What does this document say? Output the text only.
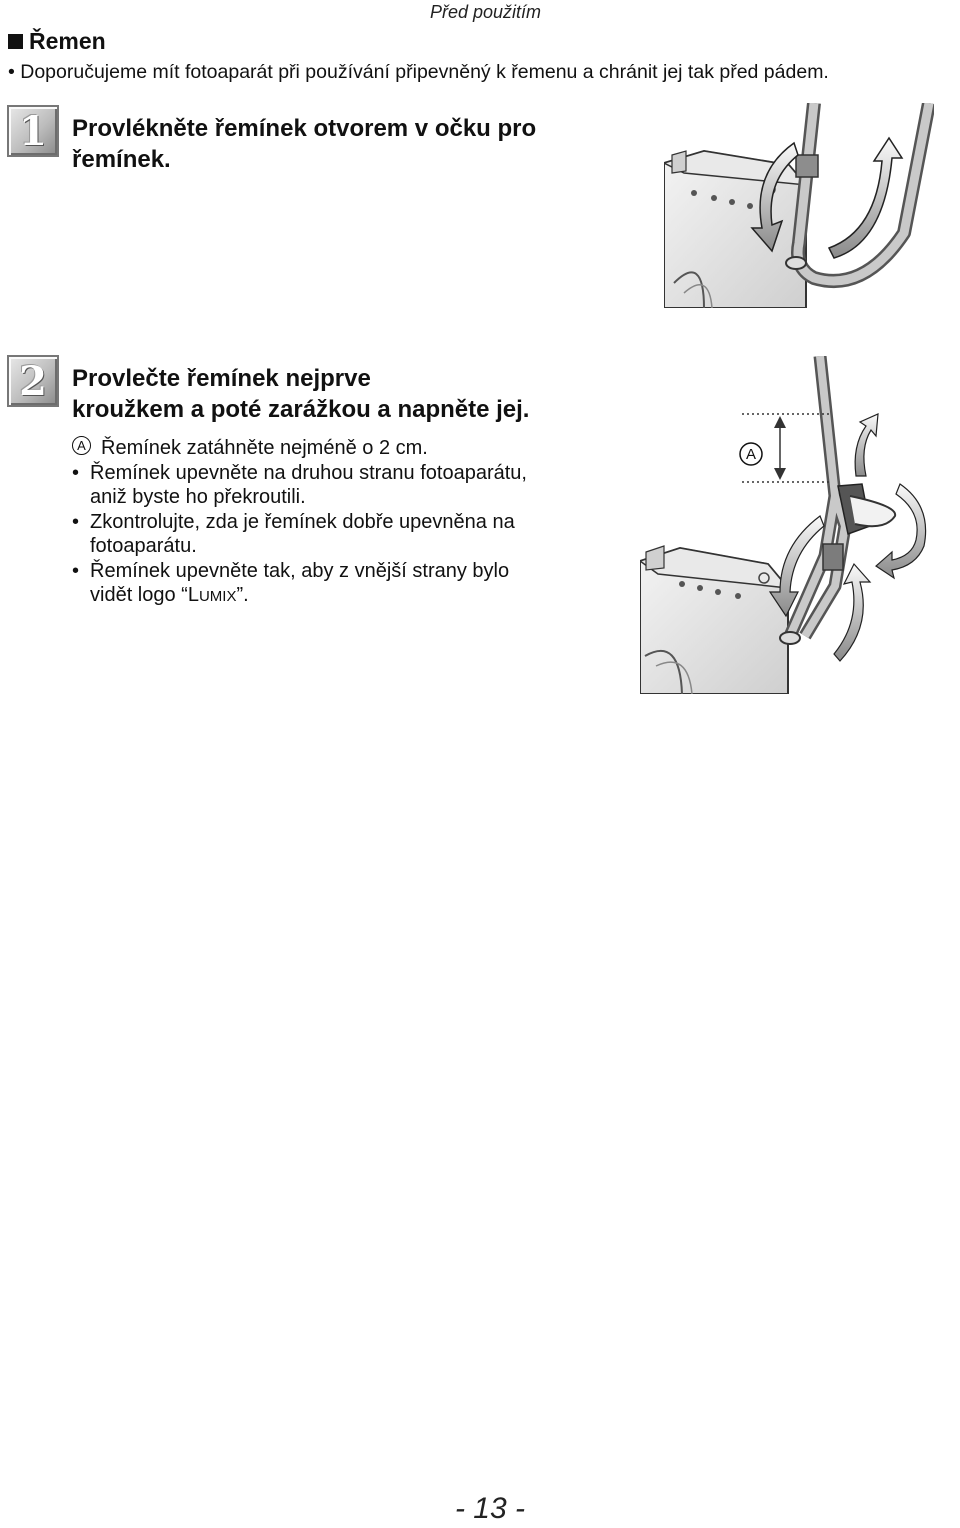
Před použitím
Řemen
• Doporučujeme mít fotoaparát při používání připevněný k řemenu a chránit jej tak před pádem.
1 Provlékněte řemínek otvorem v očku pro
řemínek.
2 Provlečte řemínek nejprve
kroužkem a poté zarážkou a napněte jej.
A Řemínek zatáhněte nejméně o 2 cm.
• Řemínek upevněte na druhou stranu fotoaparátu,
aniž byste ho překroutili.
• Zkontrolujte, zda je řemínek dobře upevněna na
fotoaparátu.
• Řemínek upevněte tak, aby z vnější strany bylo
vidět logo “LUMIX”.
A
- 13 -
